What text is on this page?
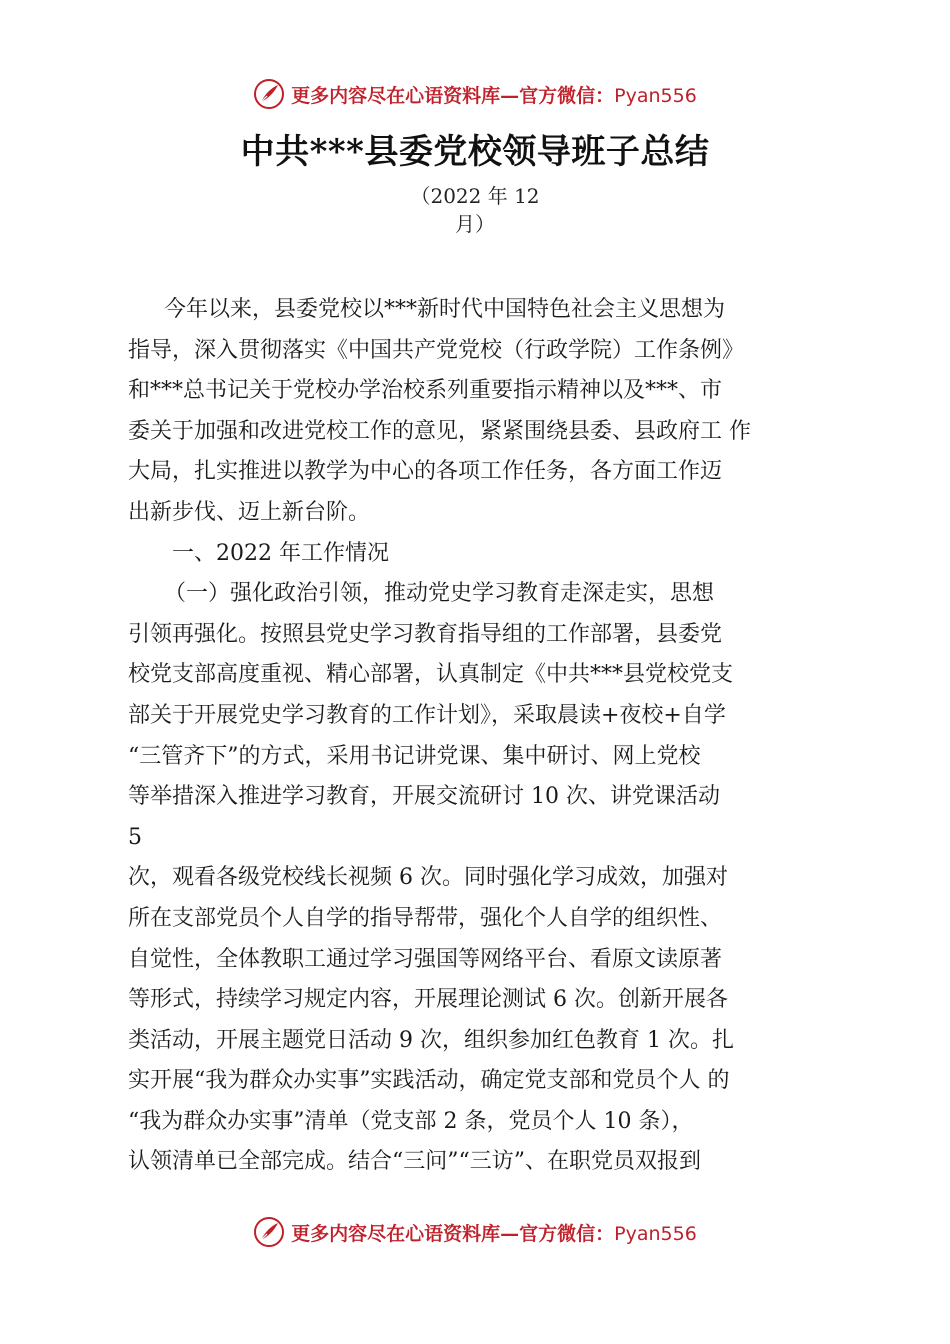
更多内容尽在心语资料库—官方微信：Pyan556
中共***县委党校领导班子总结
（2022 年 12
月）
今年以来，县委党校以***新时代中国特色社会主义思想为
指导，深入贯彻落实《中国共产党党校（行政学院）工作条例》
和***总书记关于党校办学治校系列重要指示精神以及***、市
委关于加强和改进党校工作的意见，紧紧围绕县委、县政府工 作
大局，扎实推进以教学为中心的各项工作任务，各方面工作迈
出新步伐、迈上新台阶。
一、2022 年工作情况
（一）强化政治引领，推动党史学习教育走深走实，思想
引领再强化。按照县党史学习教育指导组的工作部署，县委党
校党支部高度重视、精心部署，认真制定《中共***县党校党支
部关于开展党史学习教育的工作计划》，采取晨读+夜校+自学
“三管齐下”的方式，采用书记讲党课、集中研讨、网上党校
等举措深入推进学习教育，开展交流研讨 10 次、讲党课活动
5
次，观看各级党校线长视频 6 次。同时强化学习成效，加强对
所在支部党员个人自学的指导帮带，强化个人自学的组织性、
自觉性，全体教职工通过学习强国等网络平台、看原文读原著
等形式，持续学习规定内容，开展理论测试 6 次。创新开展各
类活动，开展主题党日活动 9 次，组织参加红色教育 1 次。扎
实开展“我为群众办实事”实践活动，确定党支部和党员个人 的
“我为群众办实事”清单（党支部 2 条，党员个人 10 条），
认领清单已全部完成。结合“三问”“三访”、在职党员双报到
更多内容尽在心语资料库—官方微信：Pyan556
